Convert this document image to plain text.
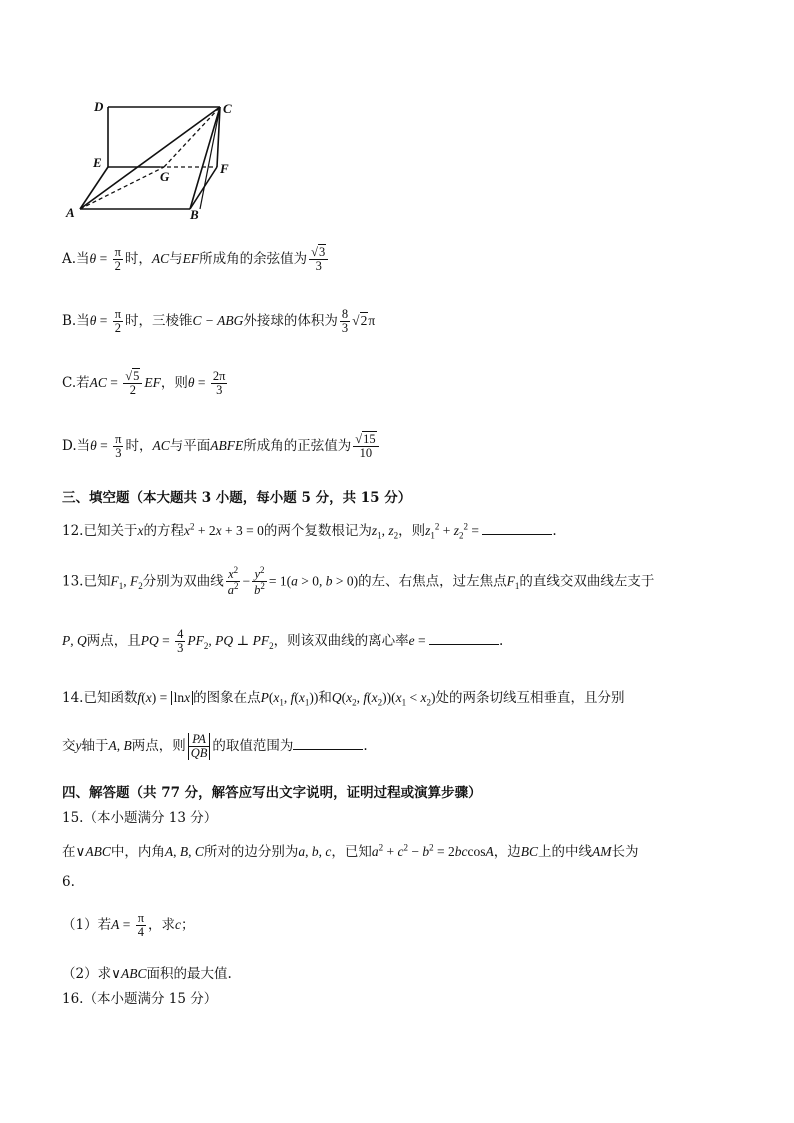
D	C
E
G
F
A	B
A.当$\theta = \frac{\pi}{2}$ 时，AC与EF所成角的余弦值为 $\frac{√3}{3}$
B.当$\theta = \frac{\pi}{2}$ 时，三棱锥C − ABG外接球的体积为 $\frac{8}{3} √2\pi$
C.若AC = $\frac{√5}{2}$ EF，则$\theta = \frac{2\pi}{3}$
D.当$\theta = \frac{\pi}{3}$ 时，AC与平面ABFE所成角的正弦值为 $\frac{√15}{10}$
三、填空题（本大题共 3 小题，每小题 5 分，共 15 分）
12.已知关于x的方程$x^2 + 2x + 3 = 0$的两个复数根记为$z_1$, $z_2$，则$z_1^2 + z_2^2$ =	.
13.已知$F_1$, $F_2$分别为双曲线 $\frac{x^2}{a^2} - \frac{y^2}{b^2} = 1(a > 0$, b > 0)的左、右焦点，过左焦点$F_1$的直线交双曲线左支于
P, Q两点，且PQ = $\frac{4}{3} PF_2$, PQ ⊥ $PF_2$，则该双曲线的离心率e =	.
14.已知函数f(x) = lnx 的图象在点$P(x_1$, $f(x_1)$)和$Q(x_2$, $f(x_2))(x_1 < x_2)$处的两条切线互相垂直，且分别
交y轴于A, B两点，则 $\frac{PA}{QB}$ 的取值范围为	.
四、解答题（共 77 分，解答应写出文字说明，证明过程或演算步骤）
15.（本小题满分 13 分）
在∨ABC中，内角A, B, C所对的边分别为a, b, c，已知$a^2 + c^2 - b^2 = 2bccosA$，边BC上的中线AM长为
6.
（1）若$A = \frac{\pi}{4}$ ，求c；
（2）求∨ABC面积的最大值.
16.（本小题满分 15 分）
